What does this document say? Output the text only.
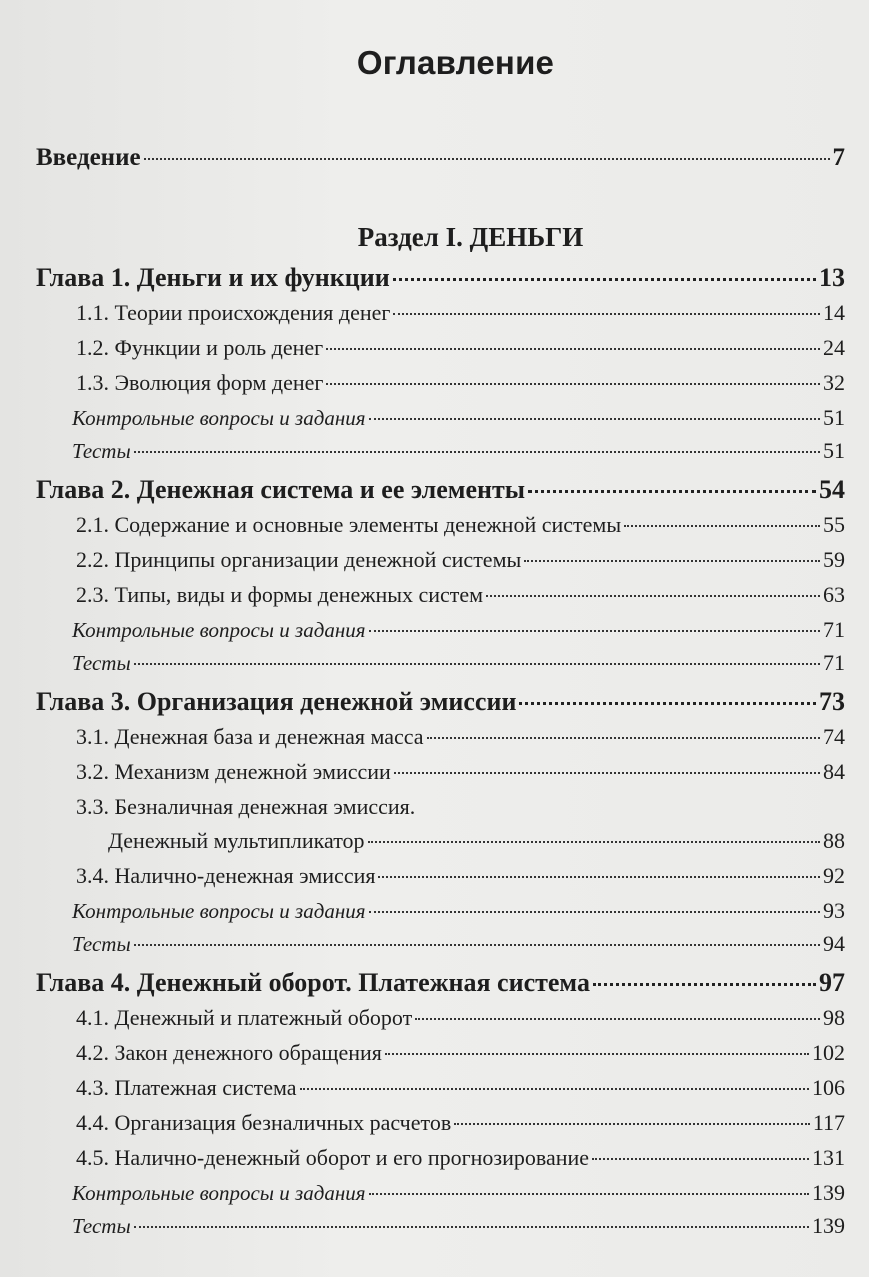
Оглавление
Введение	7
Раздел I. ДЕНЬГИ
Глава 1. Деньги и их функции	13
1.1. Теории происхождения денег	14
1.2. Функции и роль денег	24
1.3. Эволюция форм денег	32
Контрольные вопросы и задания	51
Тесты	51
Глава 2. Денежная система и ее элементы	54
2.1. Содержание и основные элементы денежной системы	55
2.2. Принципы организации денежной системы	59
2.3. Типы, виды и формы денежных систем	63
Контрольные вопросы и задания	71
Тесты	71
Глава 3. Организация денежной эмиссии	73
3.1. Денежная база и денежная масса	74
3.2. Механизм денежной эмиссии	84
3.3. Безналичная денежная эмиссия.
Денежный мультипликатор	88
3.4. Налично-денежная эмиссия	92
Контрольные вопросы и задания	93
Тесты	94
Глава 4. Денежный оборот. Платежная система	97
4.1. Денежный и платежный оборот	98
4.2. Закон денежного обращения	102
4.3. Платежная система	106
4.4. Организация безналичных расчетов	117
4.5. Налично-денежный оборот и его прогнозирование	131
Контрольные вопросы и задания	139
Тесты	139
